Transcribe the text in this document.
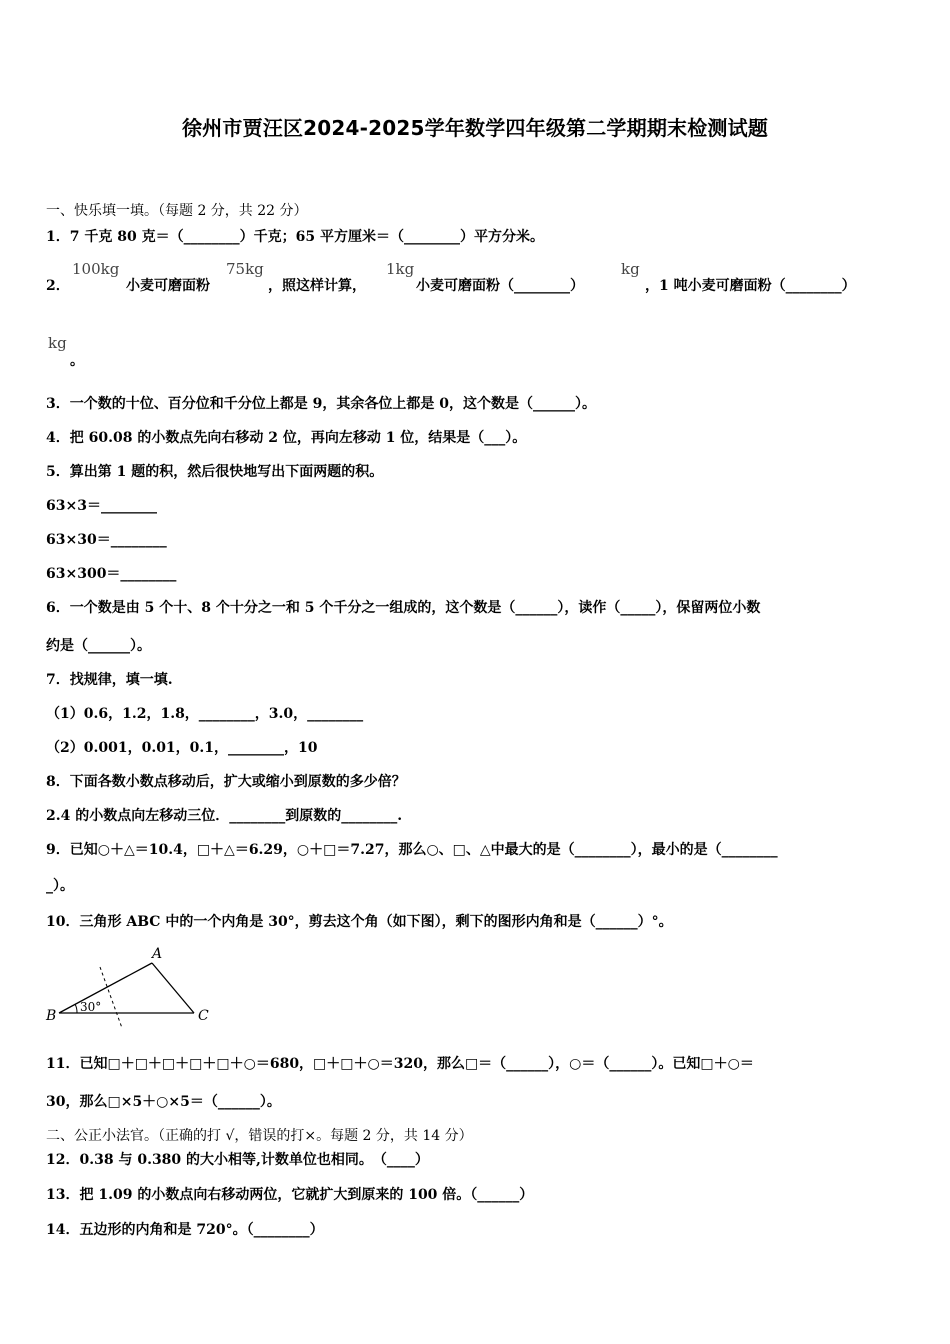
徐州市贾汪区2024-2025学年数学四年级第二学期期末检测试题
一、快乐填一填。（每题 2 分，共 22 分）
1．7 千克 80 克＝（________）千克；65 平方厘米＝（________）平方分米。
2．
100kg
小麦可磨面粉
75kg
，照这样计算，
1kg
小麦可磨面粉（________）
kg
，1 吨小麦可磨面粉（________）
kg
。
3．一个数的十位、百分位和千分位上都是 9，其余各位上都是 0，这个数是（______）。
4．把 60.08 的小数点先向右移动 2 位，再向左移动 1 位，结果是（___）。
5．算出第 1 题的积，然后很快地写出下面两题的积。
63×3＝________
63×30＝________
63×300＝________
6．一个数是由 5 个十、8 个十分之一和 5 个千分之一组成的，这个数是（______），读作（_____），保留两位小数
约是（______）。
7．找规律，填一填.
（1）0.6，1.2，1.8，________，3.0，________
（2）0.001，0.01，0.1，________，10
8．下面各数小数点移动后，扩大或缩小到原数的多少倍？
2.4 的小数点向左移动三位．________到原数的________.
9．已知○＋△＝10.4，□＋△＝6.29，○＋□＝7.27，那么○、□、△中最大的是（________），最小的是（________
_）。
10．三角形 ABC 中的一个内角是 30°，剪去这个角（如下图），剩下的图形内角和是（______）°。
A
B	C
30°
11．已知□＋□＋□＋□＋□＋○＝680，□＋□＋○＝320，那么□＝（______），○＝（______）。已知□＋○＝
30，那么□×5＋○×5＝（______）。
二、公正小法官。（正确的打 √，错误的打×。每题 2 分，共 14 分）
12．0.38 与 0.380 的大小相等,计数单位也相同。　（____）
13．把 1.09 的小数点向右移动两位，它就扩大到原来的 100 倍。（______）
14．五边形的内角和是 720°。（________）
